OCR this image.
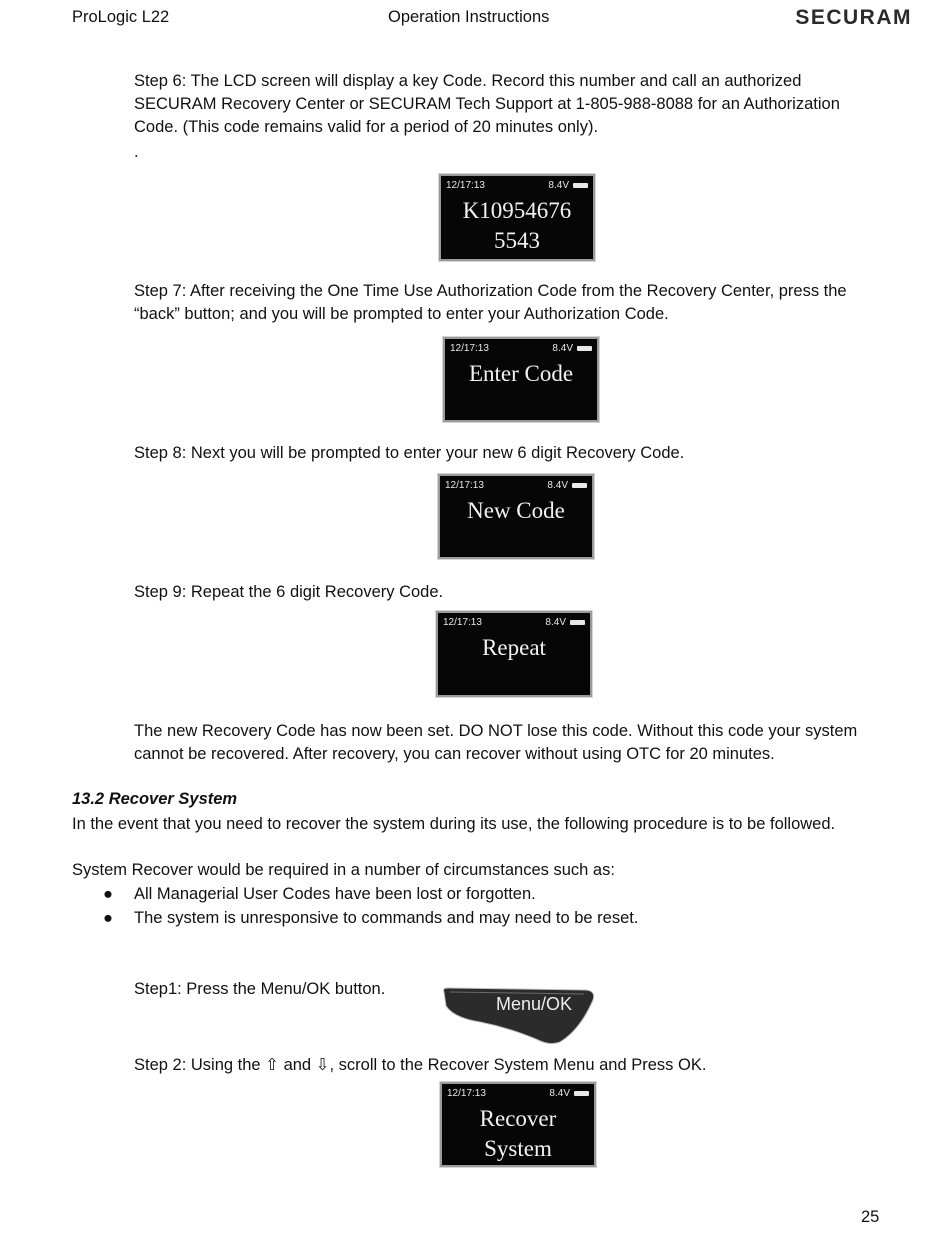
ProLogic L22	Operation Instructions	SECURAM
Step 6: The LCD screen will display a key Code. Record this number and call an authorized SECURAM Recovery Center or SECURAM Tech Support at 1-805-988-8088 for an Authorization Code. (This code remains valid for a period of 20 minutes only).
.
12/17:13	8.4V
K10954676
5543
Step 7: After receiving the One Time Use Authorization Code from the Recovery Center, press the “back” button; and you will be prompted to enter your Authorization Code.
12/17:13	8.4V
Enter Code
Step 8: Next you will be prompted to enter your new 6 digit Recovery Code.
12/17:13	8.4V
New Code
Step 9: Repeat the 6 digit Recovery Code.
12/17:13	8.4V
Repeat
The new Recovery Code has now been set. DO NOT lose this code. Without this code your system cannot be recovered. After recovery, you can recover without using OTC for 20 minutes.
13.2 Recover System
In the event that you need to recover the system during its use, the following procedure is to be followed.
System Recover would be required in a number of circumstances such as:
● All Managerial User Codes have been lost or forgotten.
● The system is unresponsive to commands and may need to be reset.
Step1: Press the Menu/OK button.
Menu/OK
Step 2: Using the ⇧ and ⇩, scroll to the Recover System Menu and Press OK.
12/17:13	8.4V
Recover
System
25
